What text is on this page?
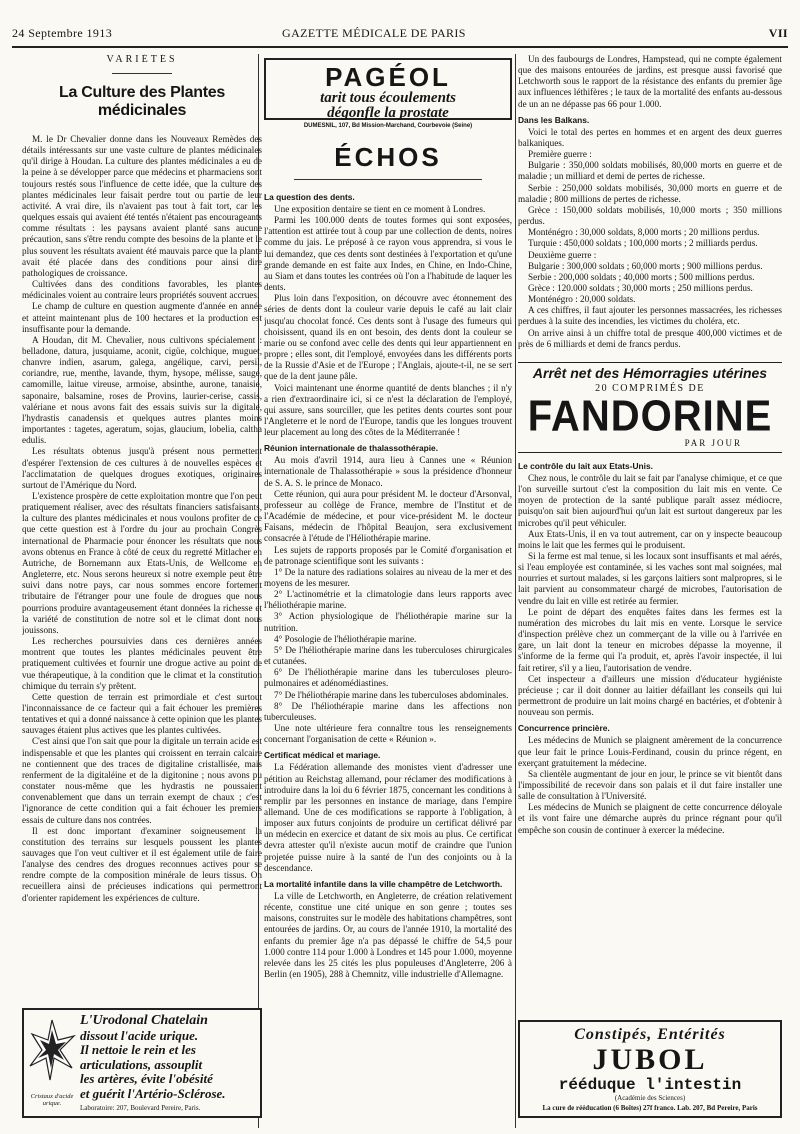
24 Septembre 1913	GAZETTE MÉDICALE DE PARIS	VII
VARIÉTÉS
La Culture des Plantes médicinales

M. le Dr Chevalier donne dans les Nouveaux Remèdes des détails intéressants sur une vaste culture de plantes médicinales qu'il dirige à Houdan. La culture des plantes médicinales a eu de la peine à se développer parce que médecins et pharmaciens sont toujours restés sous l'influence de cette idée, que la culture des plantes médicinales leur faisait perdre tout ou partie de leur activité. A vrai dire, ils n'avaient pas tout à fait tort, car les quelques essais qui avaient été tentés n'étaient pas encourageants comme résultats : les paysans avaient planté sans aucune précaution, sans s'être rendu compte des besoins de la plante et le plus souvent les résultats avaient été mauvais parce que la plante avait été placée dans des conditions pour ainsi dire pathologiques de croissance.

Cultivées dans des conditions favorables, les plantes médicinales voient au contraire leurs propriétés souvent accrues.

Le champ de culture en question augmente d'année en année et atteint maintenant plus de 100 hectares et la production est insuffisante pour la demande.

A Houdan, dit M. Chevalier, nous cultivons spécialement : belladone, datura, jusquiame, aconit, cigüe, colchique, muguet, chanvre indien, asarum, galega, angélique, carvi, persil, coriandre, rue, menthe, lavande, thym, hysope, mélisse, sauge, camomille, laitue vireuse, armoise, absinthe, aurone, tanaisie, saponaire, balsamine, roses de Provins, laurier-cerise, cassis, valériane et nous avons fait des essais suivis sur la digitale, l'hydrastis canadensis et quelques autres plantes moins importantes : tagetes, ageratum, sojas, glaucium, lobelia, caltha edulis.

Les résultats obtenus jusqu'à présent nous permettent d'espérer l'extension de ces cultures à de nouvelles espèces et l'acclimatation de quelques drogues exotiques, originaires surtout de l'Amérique du Nord.

L'existence prospère de cette exploitation montre que l'on peut pratiquement réaliser, avec des résultats financiers satisfaisants, la culture des plantes médicinales et nous voulons profiter de ce que cette question est à l'ordre du jour au prochain Congrès international de Pharmacie pour énoncer les résultats que nous avons obtenus en France à côté de ceux du regretté Mitlacher en Autriche, de Bornemann aux Etats-Unis, de Wellcome en Angleterre, etc. Nous serons heureux si notre exemple peut être suivi dans notre pays, car nous sommes encore fortement tributaire de l'étranger pour une foule de drogues que nous pourrions produire avantageusement étant données la richesse et la variété de constitution de notre sol et le climat dont nous jouissons.

Les recherches poursuivies dans ces dernières années montrent que toutes les plantes médicinales peuvent être pratiquement cultivées et fournir une drogue active au point de vue thérapeutique, à la condition que le climat et la constitution chimique du terrain s'y prêtent.

Cette question de terrain est primordiale et c'est surtout l'inconnaissance de ce facteur qui a fait échouer les premières tentatives et qui a donné naissance à cette opinion que les plantes sauvages étaient plus actives que les plantes cultivées.

C'est ainsi que l'on sait que pour la digitale un terrain acide est indispensable et que les plantes qui croissent en terrain calcaire ne contiennent que des traces de digitaline cristallisée, mais renferment de la digitaléine et de la digitonine ; nous avons pu constater nous-même que les hydrastis ne poussaient convenablement que dans un terrain exempt de chaux ; c'est l'ignorance de cette condition qui a fait échouer les premiers essais de culture dans nos contrées.

Il est donc important d'examiner soigneusement la constitution des terrains sur lesquels poussent les plantes sauvages que l'on veut cultiver et il est également utile de faire l'analyse des cendres des drogues reconnues actives pour se rendre compte de la composition minérale de leurs tissus. On recueillera ainsi de précieuses indications qui permettront d'orienter rapidement les expériences de culture.

Cristaux d'acide urique.
L'Urodonal Chatelain
dissout l'acide urique.
Il nettoie le rein et les
articulations, assouplit
les artères, évite l'obésité
et guérit l'Artério-Sclérose.
Laboratoire: 207, Boulevard Pereire, Paris.
PAGÉOL
tarit tous écoulements
dégonfle la prostate
DUMESNIL, 107, Bd Mission-Marchand, Courbevoie (Seine)
ÉCHOS
La question des dents.

Une exposition dentaire se tient en ce moment à Londres.

Parmi les 100.000 dents de toutes formes qui sont exposées, l'attention est attirée tout à coup par une collection de dents, noires comme du jais. Le préposé à ce rayon vous apprendra, si vous le lui demandez, que ces dents sont destinées à l'exportation et qu'une grande demande en est faite aux Indes, en Chine, en Indo-Chine, au Siam et dans toutes les contrées où l'on a l'habitude de laquer les dents.

Plus loin dans l'exposition, on découvre avec étonnement des séries de dents dont la couleur varie depuis le café au lait clair jusqu'au chocolat foncé. Ces dents sont à l'usage des fumeurs qui choisissent, quand ils en ont besoin, des dents dont la couleur se marie ou se confond avec celle des dents qui leur appartiennent en propre ; elles sont, dit l'employé, envoyées dans les différents ports de la Russie d'Asie et de l'Europe ; l'Anglais, ajoute-t-il, ne se sert que de la dent jaune pâle.

Voici maintenant une énorme quantité de dents blanches ; il n'y a rien d'extraordinaire ici, si ce n'est la déclaration de l'employé, qui assure, sans sourciller, que les petites dents courtes sont pour l'Angleterre et le nord de l'Europe, tandis que les longues trouvent leur placement au long des côtes de la Méditerranée !

Réunion internationale de thalassothérapie.

Au mois d'avril 1914, aura lieu à Cannes une « Réunion internationale de Thalassothérapie » sous la présidence d'honneur de S. A. S. le prince de Monaco.

Cette réunion, qui aura pour président M. le docteur d'Arsonval, professeur au collège de France, membre de l'Institut et de l'Académie de médecine, et pour vice-président M. le docteur Faisans, médecin de l'hôpital Beaujon, sera exclusivement consacrée à l'étude de l'Héliothérapie marine.

Les sujets de rapports proposés par le Comité d'organisation et de patronage scientifique sont les suivants :

1° De la nature des radiations solaires au niveau de la mer et des moyens de les mesurer.

2° L'actinométrie et la climatologie dans leurs rapports avec l'héliothérapie marine.

3° Action physiologique de l'héliothérapie marine sur la nutrition.

4° Posologie de l'héliothérapie marine.

5° De l'héliothérapie marine dans les tuberculoses chirurgicales et cutanées.

6° De l'héliothérapie marine dans les tuberculoses pleuro-pulmonaires et adénomédiastines.

7° De l'héliothérapie marine dans les tuberculoses abdominales.

8° De l'héliothérapie marine dans les affections non tuberculeuses.

Une note ultérieure fera connaître tous les renseignements concernant l'organisation de cette « Réunion ».

Certificat médical et mariage.

La Fédération allemande des monistes vient d'adresser une pétition au Reichstag allemand, pour réclamer des modifications à introduire dans la loi du 6 février 1875, concernant les conditions à remplir par les personnes en instance de mariage, dans l'empire allemand. Une de ces modifications se rapporte à l'obligation, à imposer aux futurs conjoints de produire un certificat délivré par un médecin en exercice et datant de six mois au plus. Ce certificat devra attester qu'il n'existe aucun motif de craindre que l'union projetée puisse nuire à la santé de l'un des conjoints ou à la descendance.

La mortalité infantile dans la ville champêtre de Letchworth.

La ville de Letchworth, en Angleterre, de création relativement récente, constitue une cité unique en son genre ; toutes ses maisons, construites sur le modèle des habitations champêtres, sont entourées de jardins. Or, au cours de l'année 1910, la mortalité des enfants du premier âge n'a pas dépassé le chiffre de 54,5 pour 1.000 contre 114 pour 1.000 à Londres et 145 pour 1.000, moyenne relevée dans les 25 cités les plus populeuses d'Angleterre, 206 à Berlin (en 1905), 288 à Chemnitz, ville industrielle d'Allemagne.

Un des faubourgs de Londres, Hampstead, qui ne compte également que des maisons entourées de jardins, est presque aussi favorisé que Letchworth sous le rapport de la résistance des enfants du premier âge aux influences léthifères ; le taux de la mortalité des enfants au-dessous de un an ne dépasse pas 66 pour 1.000.

Dans les Balkans.

Voici le total des pertes en hommes et en argent des deux guerres balkaniques.

Première guerre :

Bulgarie : 350,000 soldats mobilisés, 80,000 morts en guerre et de maladie ; un milliard et demi de pertes de richesse.

Serbie : 250,000 soldats mobilisés, 30,000 morts en guerre et de maladie ; 800 millions de pertes de richesse.

Grèce : 150,000 soldats mobilisés, 10,000 morts ; 350 millions perdus.

Monténégro : 30,000 soldats, 8,000 morts ; 20 millions perdus.

Turquie : 450,000 soldats ; 100,000 morts ; 2 milliards perdus.

Deuxième guerre :

Bulgarie : 300,000 soldats ; 60,000 morts ; 900 millions perdus.

Serbie : 200,000 soldats ; 40,000 morts ; 500 millions perdus.

Grèce : 120.000 soldats ; 30,000 morts ; 250 millions perdus.

Monténégro : 20,000 soldats.

A ces chiffres, il faut ajouter les personnes massacrées, les richesses perdues à la suite des incendies, les victimes du choléra, etc.

On arrive ainsi à un chiffre total de presque 400,000 victimes et de près de 6 milliards et demi de francs perdus.

Arrêt net des Hémorragies utérines
20 COMPRIMÉS DE
FANDORINE
PAR JOUR
Le contrôle du lait aux Etats-Unis.

Chez nous, le contrôle du lait se fait par l'analyse chimique, et ce que l'on surveille surtout c'est la composition du lait mis en vente. Ce moyen de protection de la santé publique paraît assez médiocre, puisqu'on sait bien aujourd'hui qu'un lait est surtout dangereux par les microbes qu'il peut véhiculer.

Aux Etats-Unis, il en va tout autrement, car on y inspecte beaucoup moins le lait que les fermes qui le produisent.

Si la ferme est mal tenue, si les locaux sont insuffisants et mal aérés, si l'eau employée est contaminée, si les vaches sont mal soignées, mal nourries et surtout malades, si les garçons laitiers sont malpropres, si le lait parvient au consommateur chargé de microbes, l'autorisation de vendre du lait en ville est retirée au fermier.

Le point de départ des enquêtes faites dans les fermes est la numération des microbes du lait mis en vente. Lorsque le service d'inspection prélève chez un commerçant de la ville ou à l'arrivée en gare, un lait dont la teneur en microbes dépasse la moyenne, il s'informe de la ferme qui l'a produit, et, après l'avoir inspectée, il lui fait retirer, s'il y a lieu, l'autorisation de vendre.

Cet inspecteur a d'ailleurs une mission d'éducateur hygiéniste précieuse ; car il doit donner au laitier défaillant les conseils qui lui permettront de produire un lait moins chargé en bactéries, et d'obtenir à nouveau son permis.

Concurrence princière.

Les médecins de Munich se plaignent amèrement de la concurrence que leur fait le prince Louis-Ferdinand, cousin du prince régent, en exerçant gratuitement la médecine.

Sa clientèle augmentant de jour en jour, le prince se vit bientôt dans l'impossibilité de recevoir dans son palais et il dut faire installer une salle de consultation à l'Université.

Les médecins de Munich se plaignent de cette concurrence déloyale et ils vont faire une démarche auprès du prince régnant pour qu'il empêche son cousin de continuer à exercer la médecine.

Constipés, Entérités
JUBOL
rééduque l'intestin
(Académie des Sciences)
La cure de rééducation (6 Boîtes) 27f franco. Lab. 207, Bd Pereire, Paris
